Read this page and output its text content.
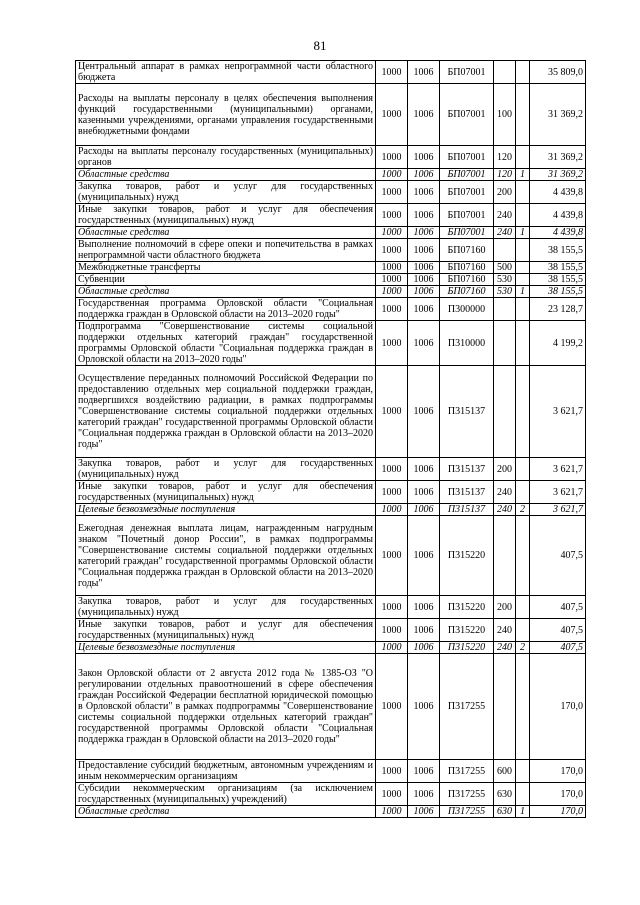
81
Центральный аппарат в рамках непрограммной части областного бюджета	1000	1006	БП07001			35 809,0
Расходы на выплаты персоналу в целях обеспечения выполнения функций государственными (муниципальными) органами, казенными учреждениями, органами управления государственными внебюджетными фондами	1000	1006	БП07001	100		31 369,2
Расходы на выплаты персоналу государственных (муниципальных) органов	1000	1006	БП07001	120		31 369,2
Областные средства	1000	1006	БП07001	120	1	31 369,2
Закупка товаров, работ и услуг для государственных (муниципальных) нужд	1000	1006	БП07001	200		4 439,8
Иные закупки товаров, работ и услуг для обеспечения государственных (муниципальных) нужд	1000	1006	БП07001	240		4 439,8
Областные средства	1000	1006	БП07001	240	1	4 439,8
Выполнение полномочий в сфере опеки и попечительства в рамках непрограммной части областного бюджета	1000	1006	БП07160			38 155,5
Межбюджетные трансферты	1000	1006	БП07160	500		38 155,5
Субвенции	1000	1006	БП07160	530		38 155,5
Областные средства	1000	1006	БП07160	530	1	38 155,5
Государственная программа Орловской области "Социальная поддержка граждан в Орловской области на 2013–2020 годы"	1000	1006	П300000			23 128,7
Подпрограмма "Совершенствование системы социальной поддержки отдельных категорий граждан" государственной программы Орловской области "Социальная поддержка граждан в Орловской области на 2013–2020 годы"	1000	1006	П310000			4 199,2
Осуществление переданных полномочий Российской Федерации по предоставлению отдельных мер социальной поддержки граждан, подвергшихся воздействию радиации, в рамках подпрограммы "Совершенствование системы социальной поддержки отдельных категорий граждан" государственной программы Орловской области "Социальная поддержка граждан в Орловской области на 2013–2020 годы"	1000	1006	П315137			3 621,7
Закупка товаров, работ и услуг для государственных (муниципальных) нужд	1000	1006	П315137	200		3 621,7
Иные закупки товаров, работ и услуг для обеспечения государственных (муниципальных) нужд	1000	1006	П315137	240		3 621,7
Целевые безвозмездные поступления	1000	1006	П315137	240	2	3 621,7
Ежегодная денежная выплата лицам, награжденным нагрудным знаком "Почетный донор России", в рамках подпрограммы "Совершенствование системы социальной поддержки отдельных категорий граждан" государственной программы Орловской области "Социальная поддержка граждан в Орловской области на 2013–2020 годы"	1000	1006	П315220			407,5
Закупка товаров, работ и услуг для государственных (муниципальных) нужд	1000	1006	П315220	200		407,5
Иные закупки товаров, работ и услуг для обеспечения государственных (муниципальных) нужд	1000	1006	П315220	240		407,5
Целевые безвозмездные поступления	1000	1006	П315220	240	2	407,5
Закон Орловской области от 2 августа 2012 года № 1385-ОЗ "О регулировании отдельных правоотношений в сфере обеспечения граждан Российской Федерации бесплатной юридической помощью в Орловской области" в рамках подпрограммы "Совершенствование системы социальной поддержки отдельных категорий граждан" государственной программы Орловской области "Социальная поддержка граждан в Орловской области на 2013–2020 годы"	1000	1006	П317255			170,0
Предоставление субсидий бюджетным, автономным учреждениям и иным некоммерческим организациям	1000	1006	П317255	600		170,0
Субсидии некоммерческим организациям (за исключением государственных (муниципальных) учреждений)	1000	1006	П317255	630		170,0
Областные средства	1000	1006	П317255	630	1	170,0
